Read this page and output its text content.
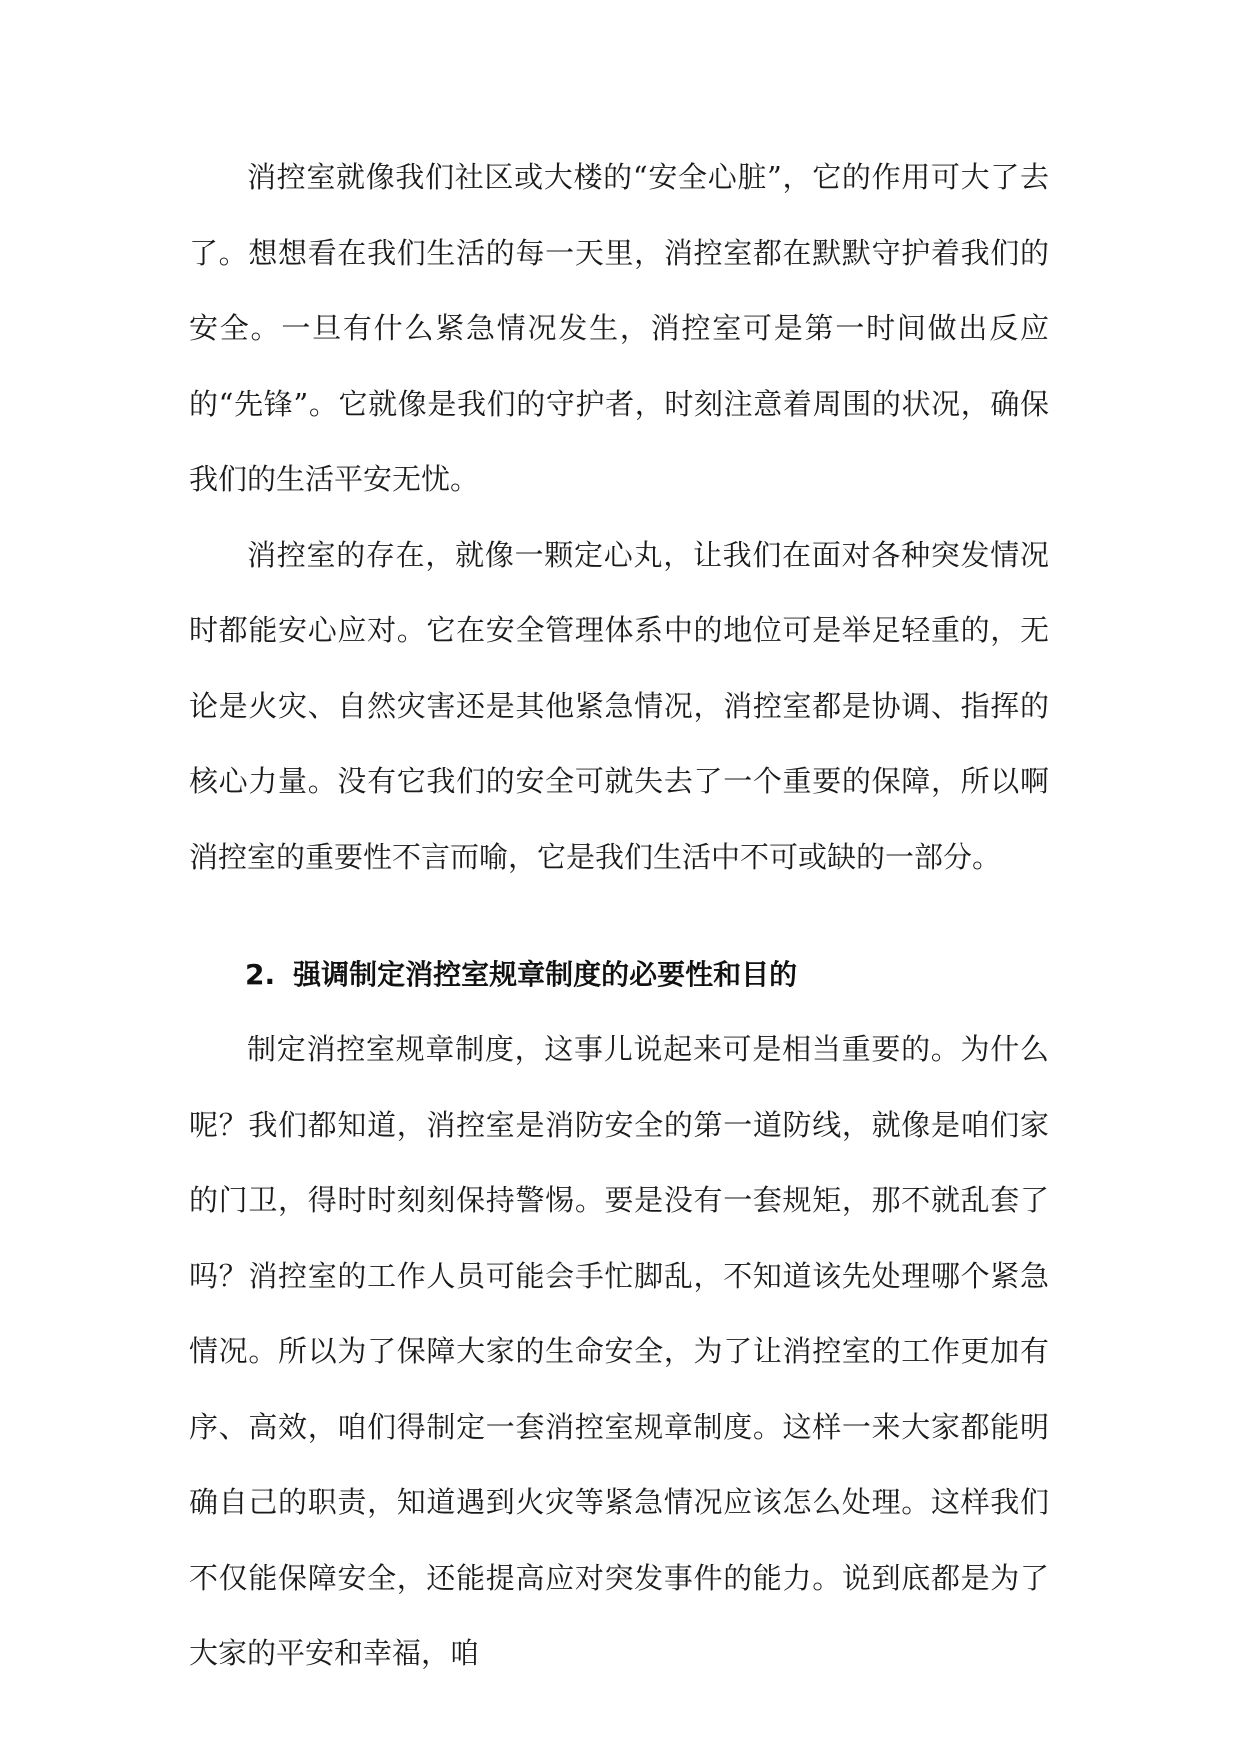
消控室就像我们社区或大楼的“安全心脏”，它的作用可大了去了。想想看在我们生活的每一天里，消控室都在默默守护着我们的安全。一旦有什么紧急情况发生，消控室可是第一时间做出反应的“先锋”。它就像是我们的守护者，时刻注意着周围的状况，确保我们的生活平安无忧。

消控室的存在，就像一颗定心丸，让我们在面对各种突发情况时都能安心应对。它在安全管理体系中的地位可是举足轻重的，无论是火灾、自然灾害还是其他紧急情况，消控室都是协调、指挥的核心力量。没有它我们的安全可就失去了一个重要的保障，所以啊消控室的重要性不言而喻，它是我们生活中不可或缺的一部分。

2. 强调制定消控室规章制度的必要性和目的

制定消控室规章制度，这事儿说起来可是相当重要的。为什么呢？我们都知道，消控室是消防安全的第一道防线，就像是咱们家的门卫，得时时刻刻保持警惕。要是没有一套规矩，那不就乱套了吗？消控室的工作人员可能会手忙脚乱，不知道该先处理哪个紧急情况。所以为了保障大家的生命安全，为了让消控室的工作更加有序、高效，咱们得制定一套消控室规章制度。这样一来大家都能明确自己的职责，知道遇到火灾等紧急情况应该怎么处理。这样我们不仅能保障安全，还能提高应对突发事件的能力。说到底都是为了大家的平安和幸福，咱
